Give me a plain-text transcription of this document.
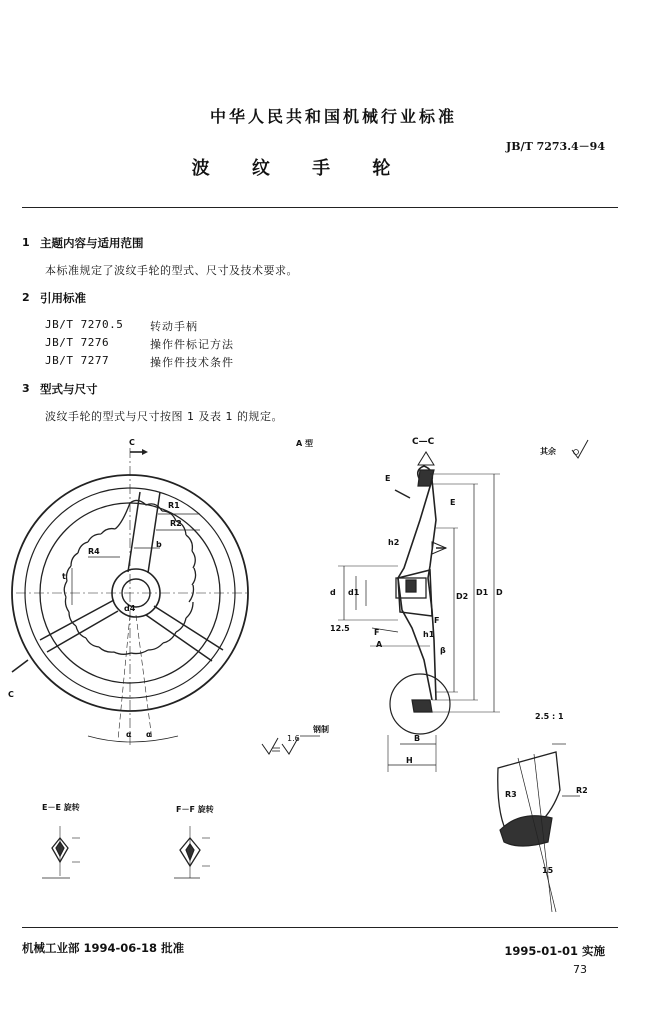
中华人民共和国机械行业标准
JB/T 7273.4－94
波 纹 手 轮
1 主题内容与适用范围
本标准规定了波纹手轮的型式、尺寸及技术要求。
2 引用标准
JB/T 7270.5 转动手柄
JB/T 7276	操作件标记方法
JB/T 7277	操作件技术条件
3 型式与尺寸
波纹手轮的型式与尺寸按图 1 及表 1 的规定。
C
C
A 型	C—C
其余
R1
R2
R4
b
t
d4
α α
E
E
h2
F
F	h1
A
β
12.5
d d1	D2 D1 D
B
H
钢制
1.6
2.5 : 1
R3	R2
15
E－E 旋转	F－F 旋转
机械工业部 1994-06-18 批准	1995-01-01 实施
73
